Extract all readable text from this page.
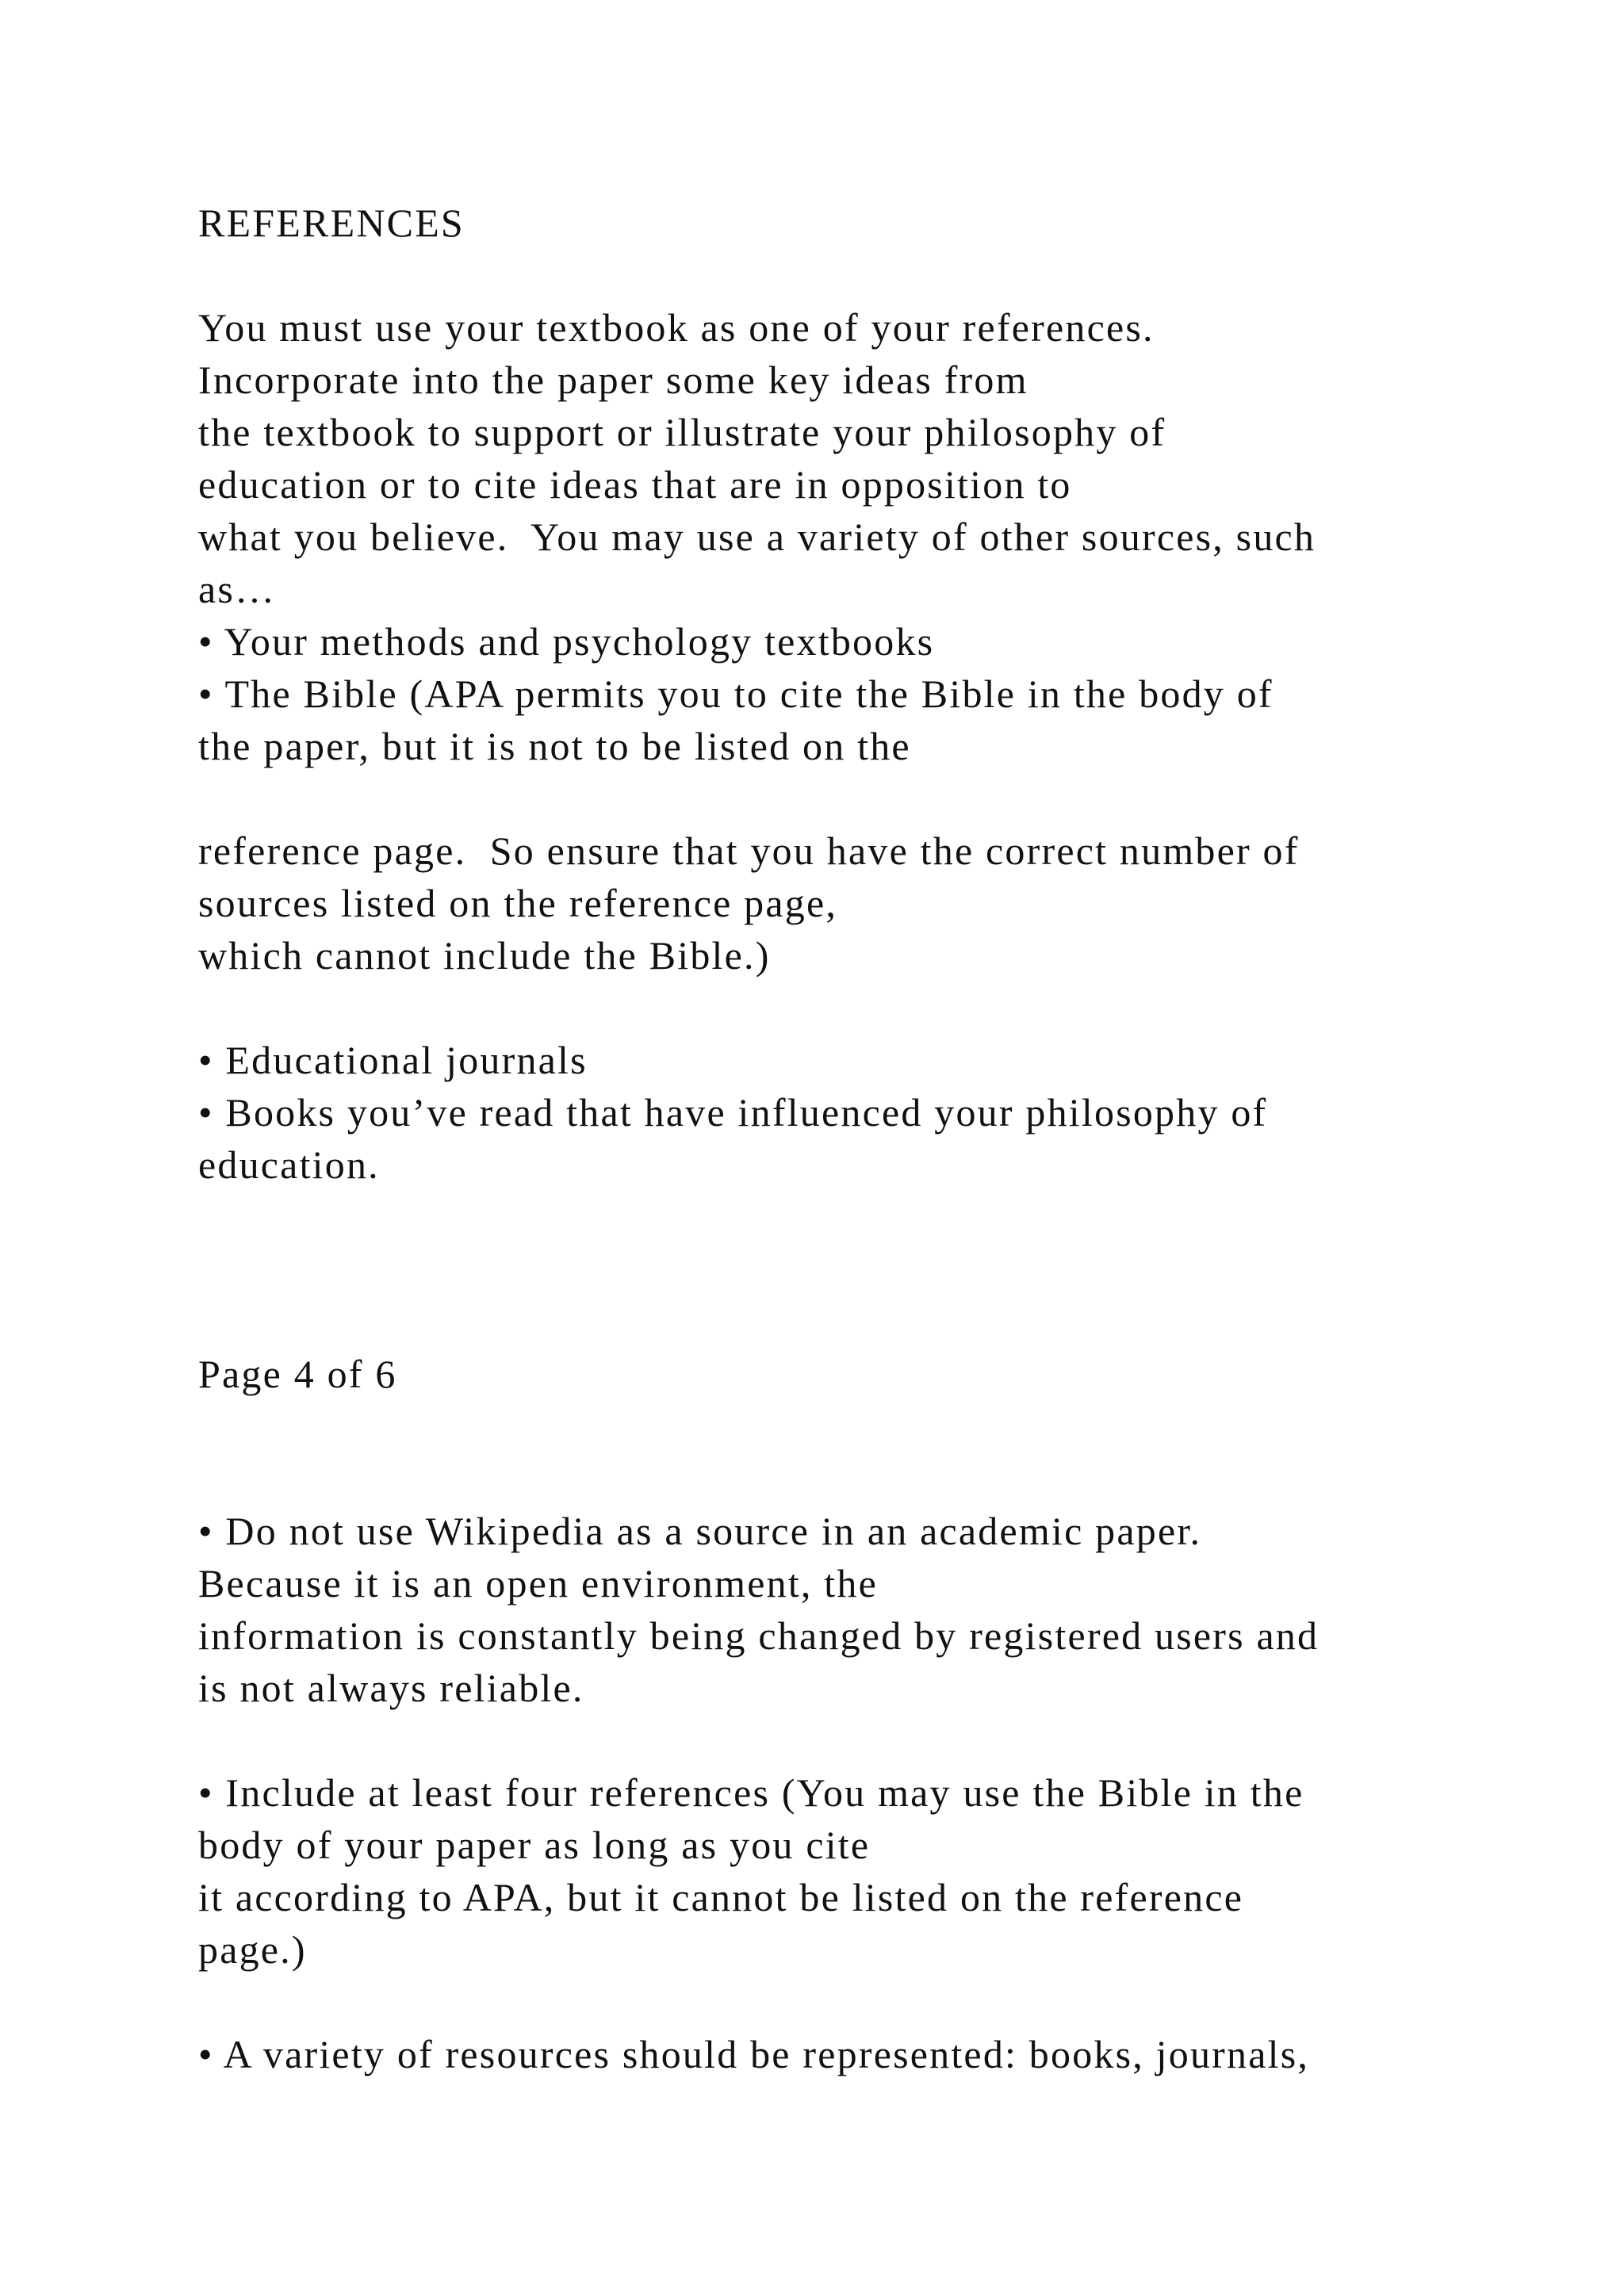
REFERENCES
You must use your textbook as one of your references.
Incorporate into the paper some key ideas from
the textbook to support or illustrate your philosophy of
education or to cite ideas that are in opposition to
what you believe.  You may use a variety of other sources, such
as…
• Your methods and psychology textbooks
• The Bible (APA permits you to cite the Bible in the body of
the paper, but it is not to be listed on the
reference page.  So ensure that you have the correct number of
sources listed on the reference page,
which cannot include the Bible.)
• Educational journals
• Books you’ve read that have influenced your philosophy of
education.
Page 4 of 6
• Do not use Wikipedia as a source in an academic paper.
Because it is an open environment, the
information is constantly being changed by registered users and
is not always reliable.
• Include at least four references (You may use the Bible in the
body of your paper as long as you cite
it according to APA, but it cannot be listed on the reference
page.)
• A variety of resources should be represented: books, journals,
